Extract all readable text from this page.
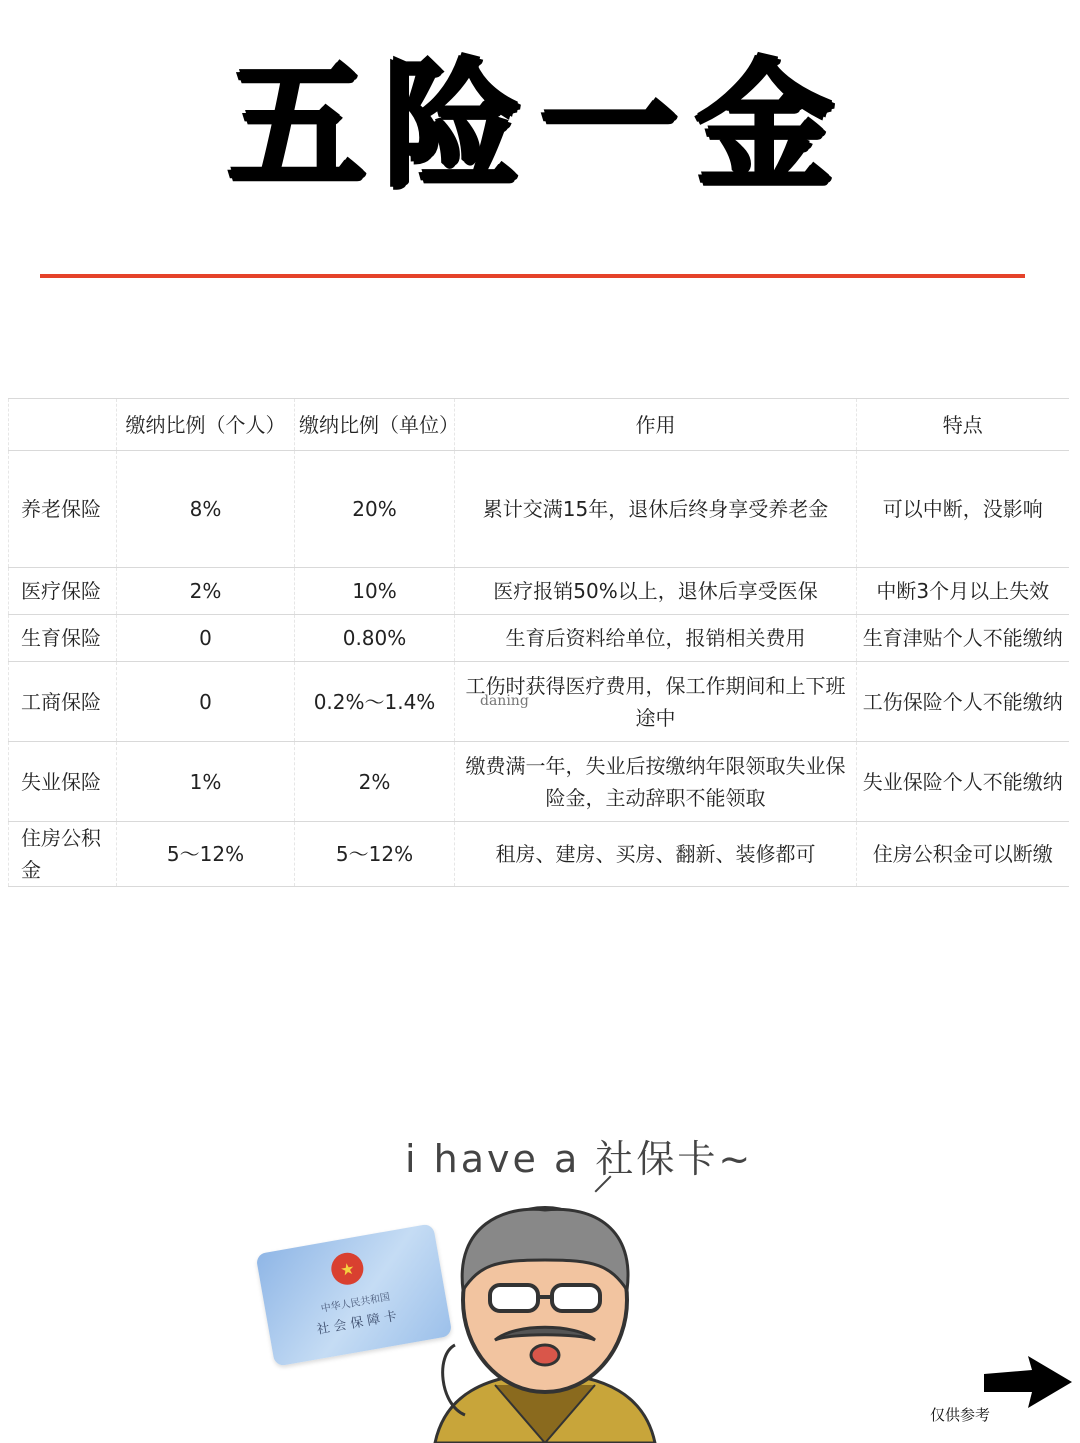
五险一金
	缴纳比例（个人）	缴纳比例（单位）	作用	特点
养老保险	8%	20%	累计交满15年，退休后终身享受养老金	可以中断，没影响
医疗保险	2%	10%	医疗报销50%以上，退休后享受医保	中断3个月以上失效
生育保险	0	0.80%	生育后资料给单位，报销相关费用	生育津贴个人不能缴纳
工商保险	0	0.2%～1.4%	工伤时获得医疗费用，保工作期间和上下班途中	工伤保险个人不能缴纳
失业保险	1%	2%	缴费满一年，失业后按缴纳年限领取失业保险金，主动辞职不能领取	失业保险个人不能缴纳
住房公积金	5～12%	5～12%	租房、建房、买房、翻新、装修都可	住房公积金可以断缴
daning
i have a 社保卡~
★
中华人民共和国
社会保障卡
仅供参考
